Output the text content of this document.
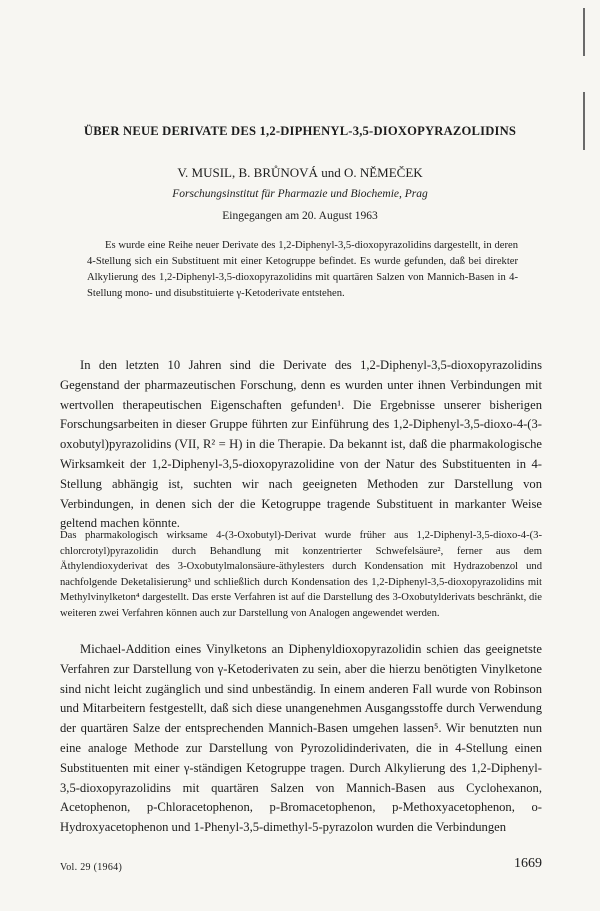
ÜBER NEUE DERIVATE DES 1,2-DIPHENYL-3,5-DIOXOPYRAZOLIDINS
V. MUSIL, B. BRŮNOVÁ und O. NĚMEČEK
Forschungsinstitut für Pharmazie und Biochemie, Prag
Eingegangen am 20. August 1963
Es wurde eine Reihe neuer Derivate des 1,2-Diphenyl-3,5-dioxopyrazolidins dargestellt, in deren 4-Stellung sich ein Substituent mit einer Ketogruppe befindet. Es wurde gefunden, daß bei direkter Alkylierung des 1,2-Diphenyl-3,5-dioxopyrazolidins mit quartären Salzen von Mannich-Basen in 4-Stellung mono- und disubstituierte γ-Ketoderivate entstehen.
In den letzten 10 Jahren sind die Derivate des 1,2-Diphenyl-3,5-dioxopyrazolidins Gegenstand der pharmazeutischen Forschung, denn es wurden unter ihnen Verbindungen mit wertvollen therapeutischen Eigenschaften gefunden¹. Die Ergebnisse unserer bisherigen Forschungsarbeiten in dieser Gruppe führten zur Einführung des 1,2-Diphenyl-3,5-dioxo-4-(3-oxobutyl)pyrazolidins (VII, R² = H) in die Therapie. Da bekannt ist, daß die pharmakologische Wirksamkeit der 1,2-Diphenyl-3,5-dioxopyrazolidine von der Natur des Substituenten in 4-Stellung abhängig ist, suchten wir nach geeigneten Methoden zur Darstellung von Verbindungen, in denen sich der die Ketogruppe tragende Substituent in markanter Weise geltend machen könnte.
Das pharmakologisch wirksame 4-(3-Oxobutyl)-Derivat wurde früher aus 1,2-Diphenyl-3,5-dioxo-4-(3-chlorcrotyl)pyrazolidin durch Behandlung mit konzentrierter Schwefelsäure², ferner aus dem Äthylendioxyderivat des 3-Oxobutylmalonsäure-äthylesters durch Kondensation mit Hydrazobenzol und nachfolgende Deketalisierung³ und schließlich durch Kondensation des 1,2-Diphenyl-3,5-dioxopyrazolidins mit Methylvinylketon⁴ dargestellt. Das erste Verfahren ist auf die Darstellung des 3-Oxobutylderivats beschränkt, die weiteren zwei Verfahren können auch zur Darstellung von Analogen angewendet werden.
Michael-Addition eines Vinylketons an Diphenyldioxopyrazolidin schien das geeignetste Verfahren zur Darstellung von γ-Ketoderivaten zu sein, aber die hierzu benötigten Vinylketone sind nicht leicht zugänglich und sind unbeständig. In einem anderen Fall wurde von Robinson und Mitarbeitern festgestellt, daß sich diese unangenehmen Ausgangsstoffe durch Verwendung der quartären Salze der entsprechenden Mannich-Basen umgehen lassen⁵. Wir benutzten nun eine analoge Methode zur Darstellung von Pyrozolidinderivaten, die in 4-Stellung einen Substituenten mit einer γ-ständigen Ketogruppe tragen. Durch Alkylierung des 1,2-Diphenyl-3,5-dioxopyrazolidins mit quartären Salzen von Mannich-Basen aus Cyclohexanon, Acetophenon, p-Chloracetophenon, p-Bromacetophenon, p-Methoxyacetophenon, o-Hydroxyacetophenon und 1-Phenyl-3,5-dimethyl-5-pyrazolon wurden die Verbindungen
Vol. 29 (1964)	1669
